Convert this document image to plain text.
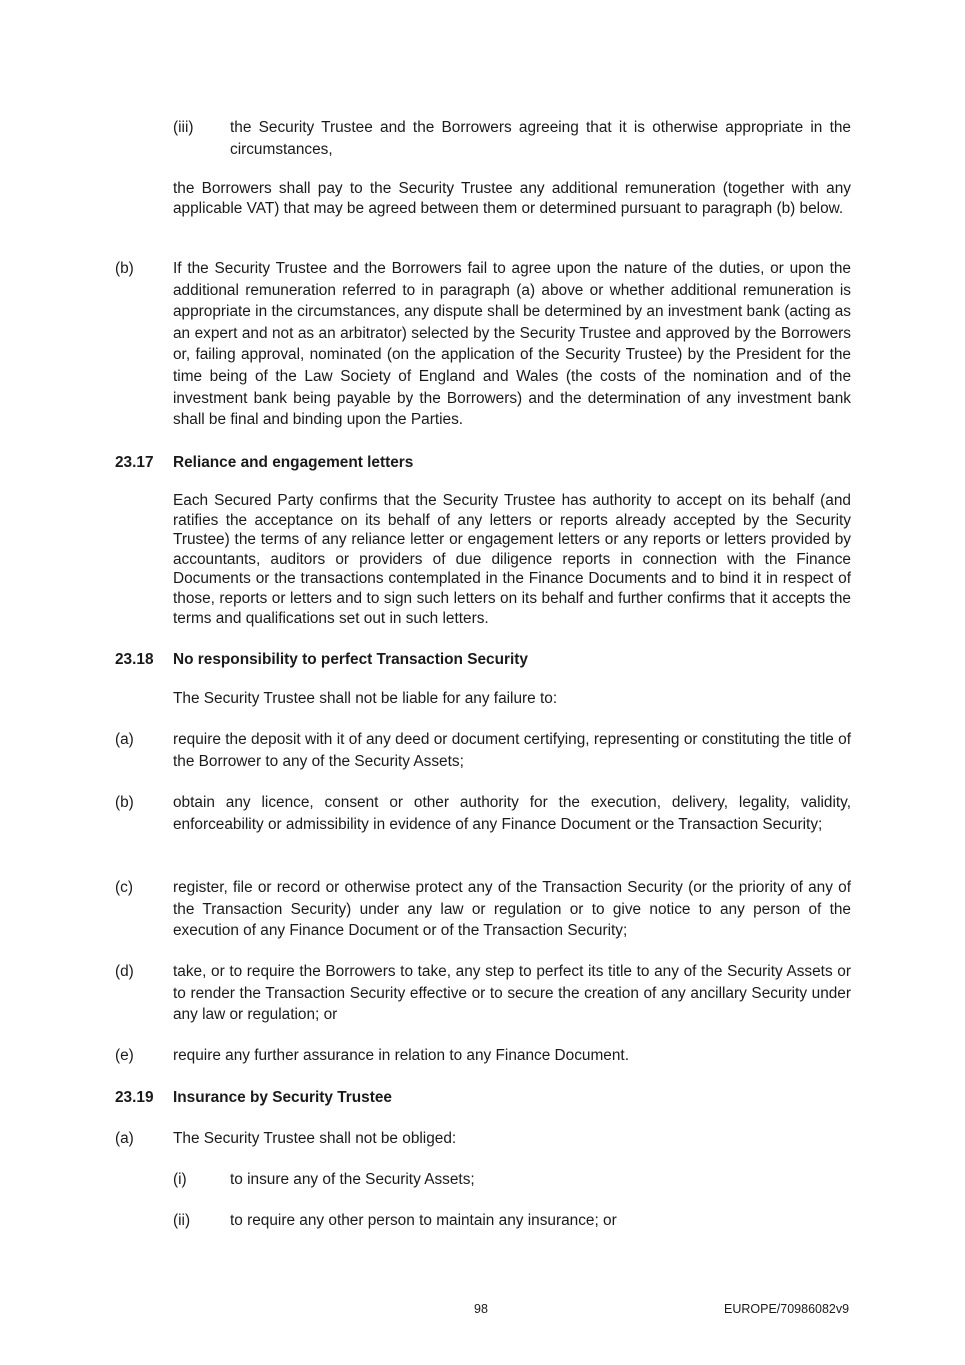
(iii) the Security Trustee and the Borrowers agreeing that it is otherwise appropriate in the circumstances,

the Borrowers shall pay to the Security Trustee any additional remuneration (together with any applicable VAT) that may be agreed between them or determined pursuant to paragraph (b) below.

(b)	If the Security Trustee and the Borrowers fail to agree upon the nature of the duties, or upon the additional remuneration referred to in paragraph (a) above or whether additional remuneration is appropriate in the circumstances, any dispute shall be determined by an investment bank (acting as an expert and not as an arbitrator) selected by the Security Trustee and approved by the Borrowers or, failing approval, nominated (on the application of the Security Trustee) by the President for the time being of the Law Society of England and Wales (the costs of the nomination and of the investment bank being payable by the Borrowers) and the determination of any investment bank shall be final and binding upon the Parties.

23.17 Reliance and engagement letters

Each Secured Party confirms that the Security Trustee has authority to accept on its behalf (and ratifies the acceptance on its behalf of any letters or reports already accepted by the Security Trustee) the terms of any reliance letter or engagement letters or any reports or letters provided by accountants, auditors or providers of due diligence reports in connection with the Finance Documents or the transactions contemplated in the Finance Documents and to bind it in respect of those, reports or letters and to sign such letters on its behalf and further confirms that it accepts the terms and qualifications set out in such letters.

23.18 No responsibility to perfect Transaction Security

The Security Trustee shall not be liable for any failure to:

(a)	require the deposit with it of any deed or document certifying, representing or constituting the title of the Borrower to any of the Security Assets;

(b)	obtain any licence, consent or other authority for the execution, delivery, legality, validity, enforceability or admissibility in evidence of any Finance Document or the Transaction Security;

(c)	register, file or record or otherwise protect any of the Transaction Security (or the priority of any of the Transaction Security) under any law or regulation or to give notice to any person of the execution of any Finance Document or of the Transaction Security;

(d)	take, or to require the Borrowers to take, any step to perfect its title to any of the Security Assets or to render the Transaction Security effective or to secure the creation of any ancillary Security under any law or regulation; or

(e)	require any further assurance in relation to any Finance Document.

23.19 Insurance by Security Trustee

(a)	The Security Trustee shall not be obliged:

(i)	to insure any of the Security Assets;

(ii)	to require any other person to maintain any insurance; or

98	EUROPE/70986082v9
